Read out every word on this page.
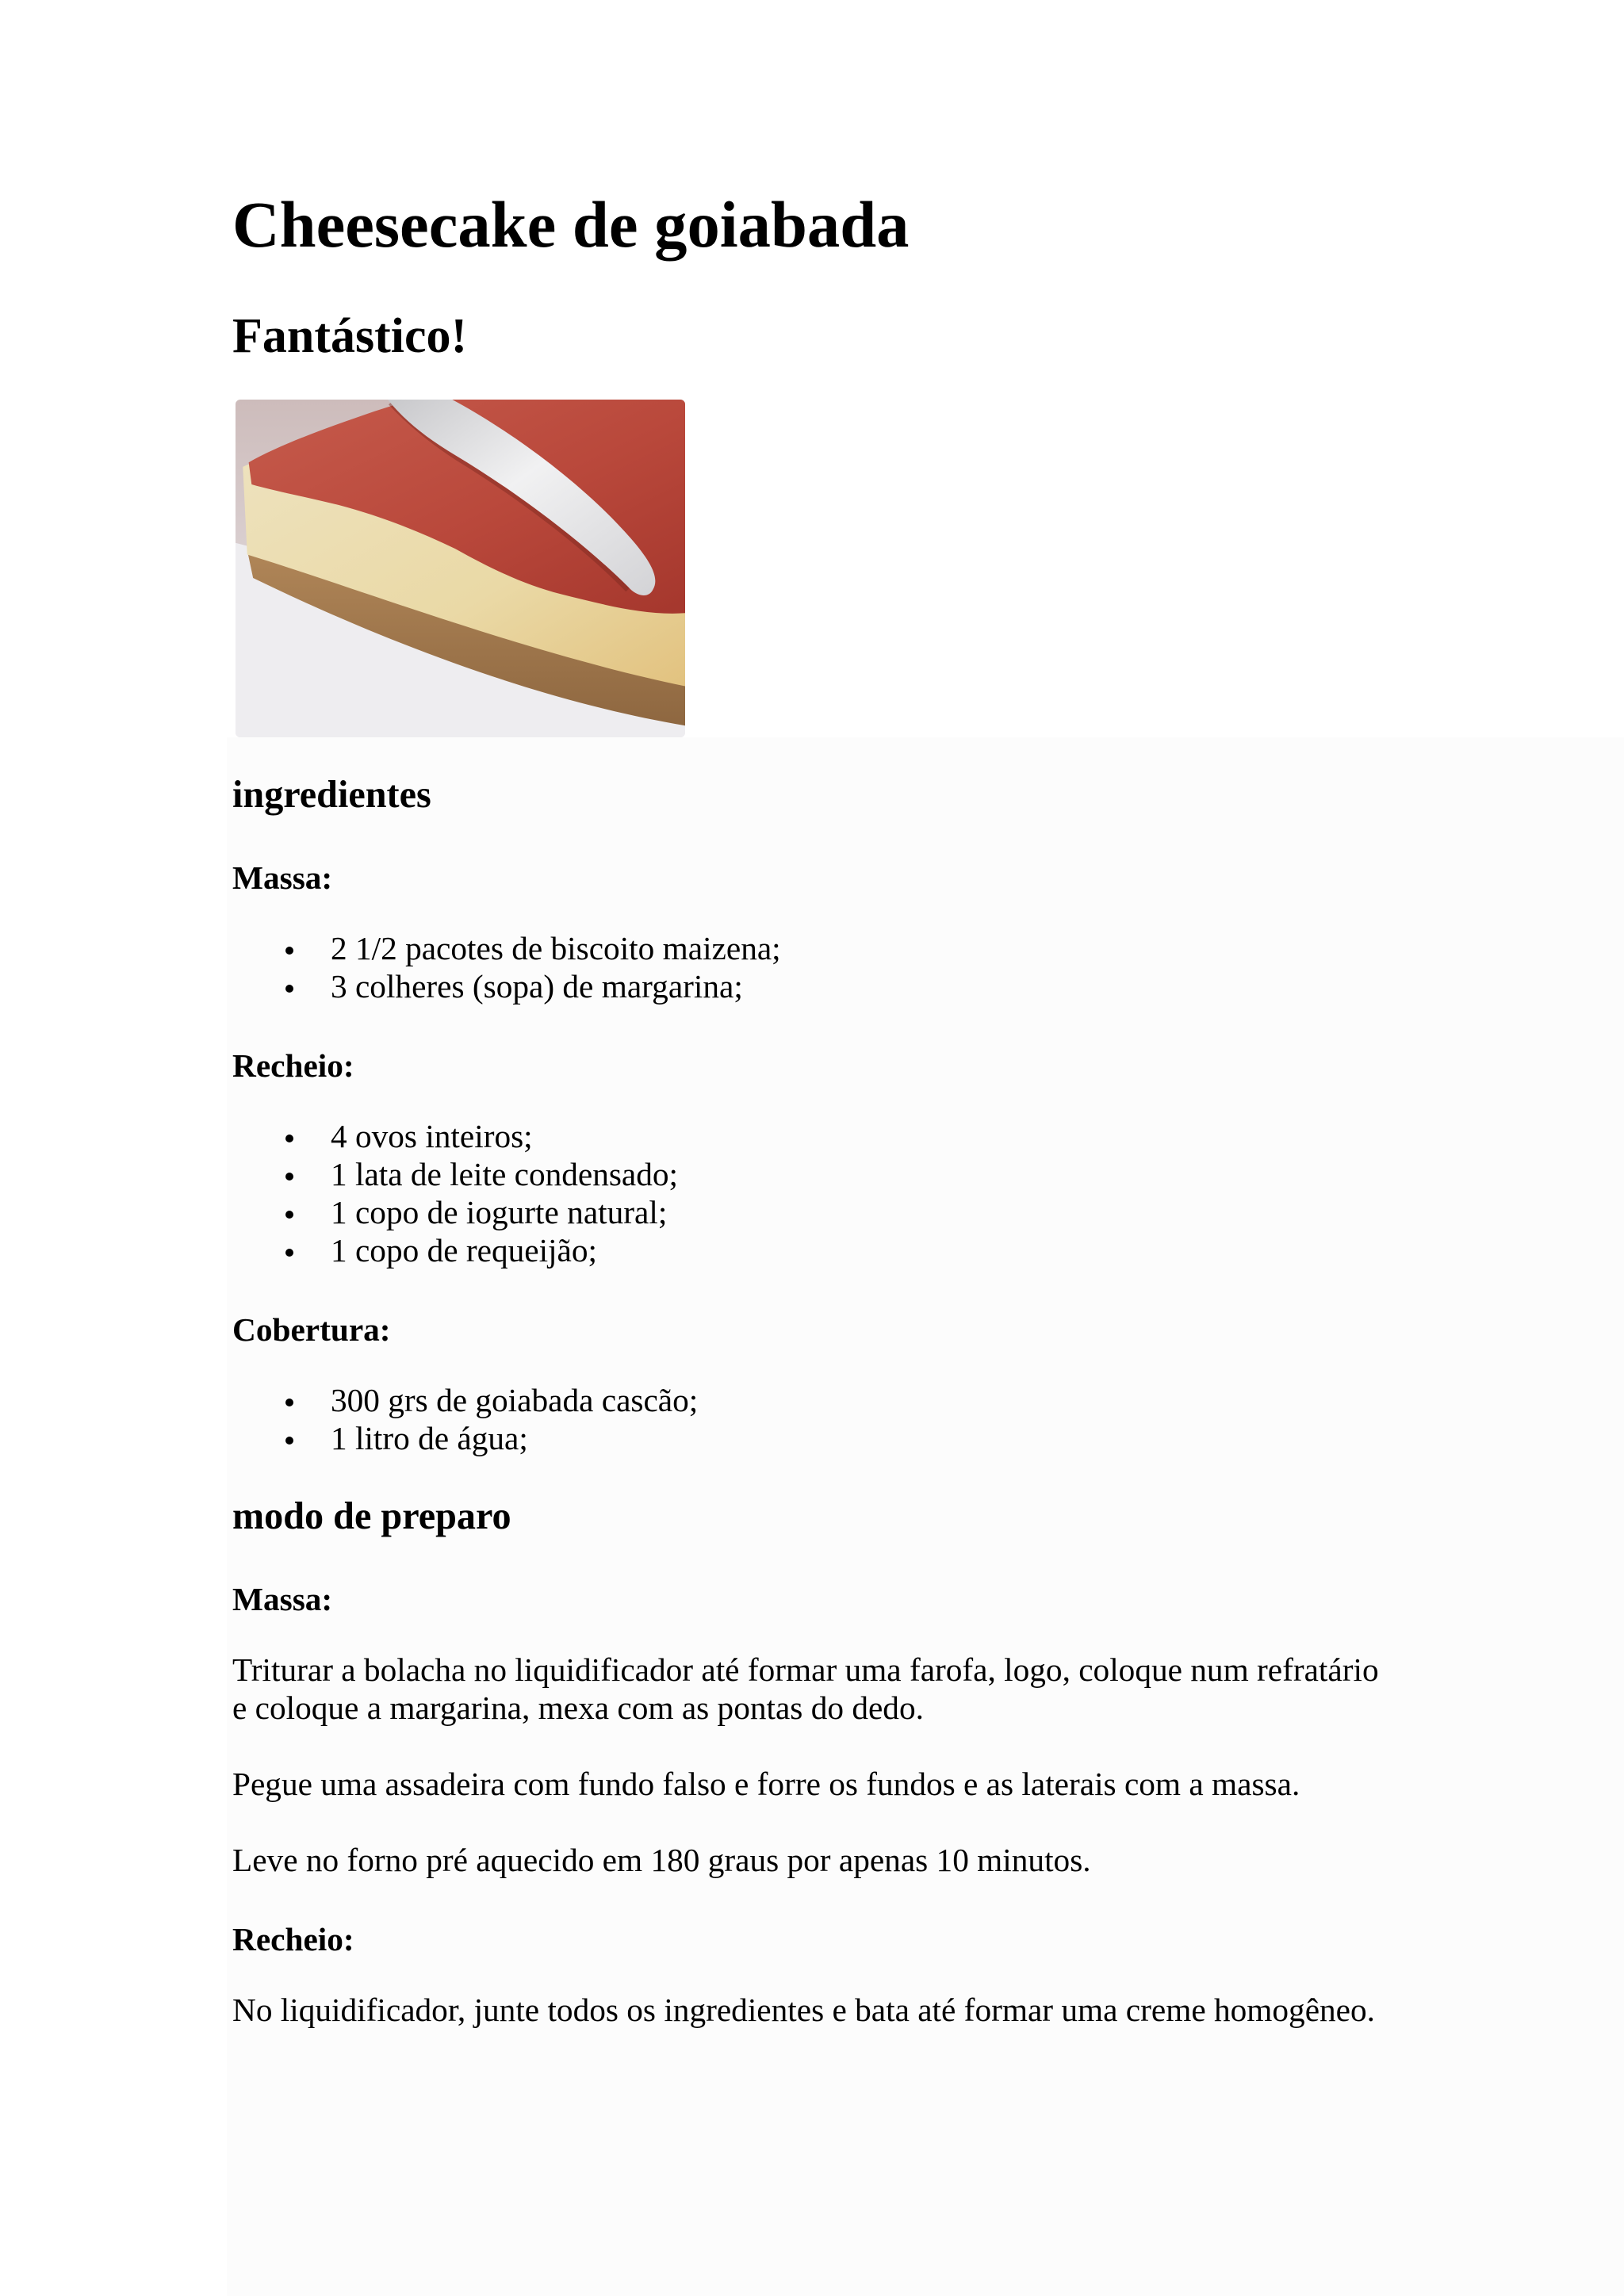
Cheesecake de goiabada
Fantástico!
ingredientes
Massa:
2 1/2 pacotes de biscoito maizena;
3 colheres (sopa) de margarina;
Recheio:
4 ovos inteiros;
1 lata de leite condensado;
1 copo de iogurte natural;
1 copo de requeijão;
Cobertura:
300 grs de goiabada cascão;
1 litro de água;
modo de preparo
Massa:

Triturar a bolacha no liquidificador até formar uma farofa, logo, coloque num refratário
e coloque a margarina, mexa com as pontas do dedo.

Pegue uma assadeira com fundo falso e forre os fundos e as laterais com a massa.

Leve no forno pré aquecido em 180 graus por apenas 10 minutos.

Recheio:

No liquidificador, junte todos os ingredientes e bata até formar uma creme homogêneo.
